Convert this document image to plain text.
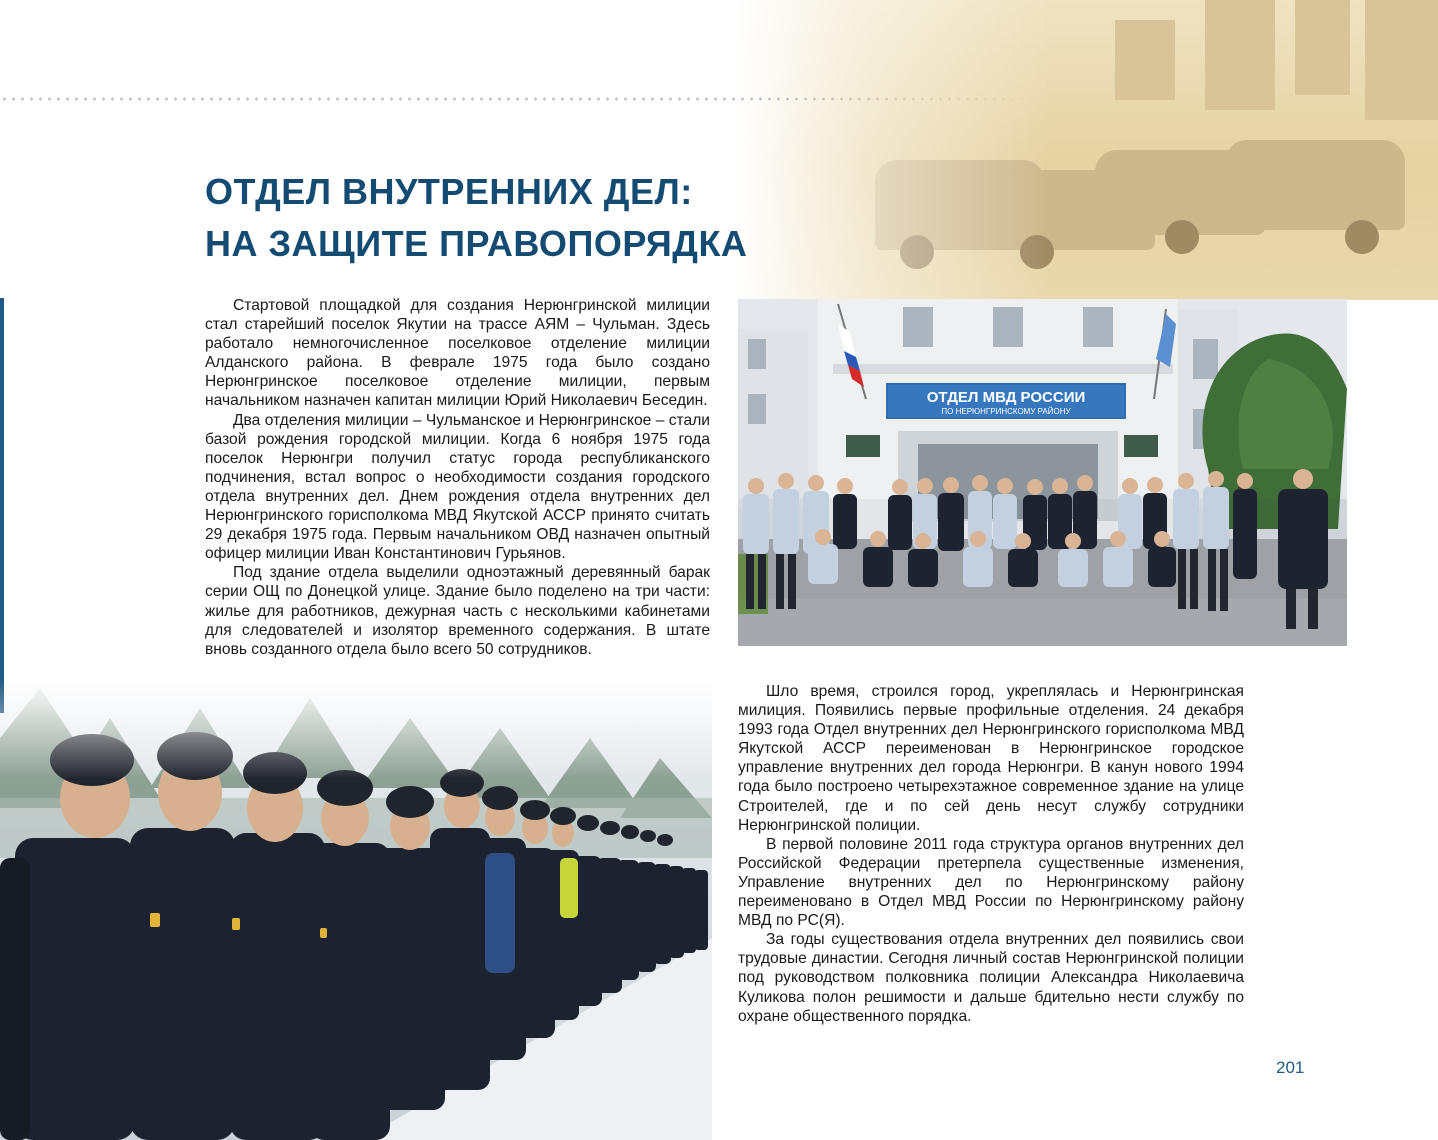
ОТДЕЛ ВНУТРЕННИХ ДЕЛ:
НА ЗАЩИТЕ ПРАВОПОРЯДКА

Стартовой площадкой для создания Нерюнгринской милиции стал старейший поселок Якутии на трассе АЯМ – Чульман. Здесь работало немногочисленное поселковое отделение милиции Алданского района. В феврале 1975 года было создано Нерюнгринское поселковое отделение милиции, первым начальником назначен капитан милиции Юрий Николаевич Беседин.

Два отделения милиции – Чульманское и Нерюнгринское – стали базой рождения городской милиции. Когда 6 ноября 1975 года поселок Нерюнгри получил статус города республиканского подчинения, встал вопрос о необходимости создания городского отдела внутренних дел. Днем рождения отдела внутренних дел Нерюнгринского горисполкома МВД Якутской АССР принято считать 29 декабря 1975 года. Первым начальником ОВД назначен опытный офицер милиции Иван Константинович Гурьянов.

Под здание отдела выделили одноэтажный деревянный барак серии ОЩ по Донецкой улице. Здание было поделено на три части: жилье для работников, дежурная часть с несколькими кабинетами для следователей и изолятор временного содержания. В штате вновь созданного отдела было всего 50 сотрудников.

ОТДЕЛ МВД РОССИИ
ПО НЕРЮНГРИНСКОМУ РАЙОНУ

Шло время, строился город, укреплялась и Нерюнгринская милиция. Появились первые профильные отделения. 24 декабря 1993 года Отдел внутренних дел Нерюнгринского горисполкома МВД Якутской АССР переименован в Нерюнгринское городское управление внутренних дел города Нерюнгри. В канун нового 1994 года было построено четырехэтажное современное здание на улице Строителей, где и по сей день несут службу сотрудники Нерюнгринской полиции.

В первой половине 2011 года структура органов внутренних дел Российской Федерации претерпела существенные изменения, Управление внутренних дел по Нерюнгринскому району переименовано в Отдел МВД России по Нерюнгринскому району МВД по РС(Я).

За годы существования отдела внутренних дел появились свои трудовые династии. Сегодня личный состав Нерюнгринской полиции под руководством полковника полиции Александра Николаевича Куликова полон решимости и дальше бдительно нести службу по охране общественного порядка.

201
